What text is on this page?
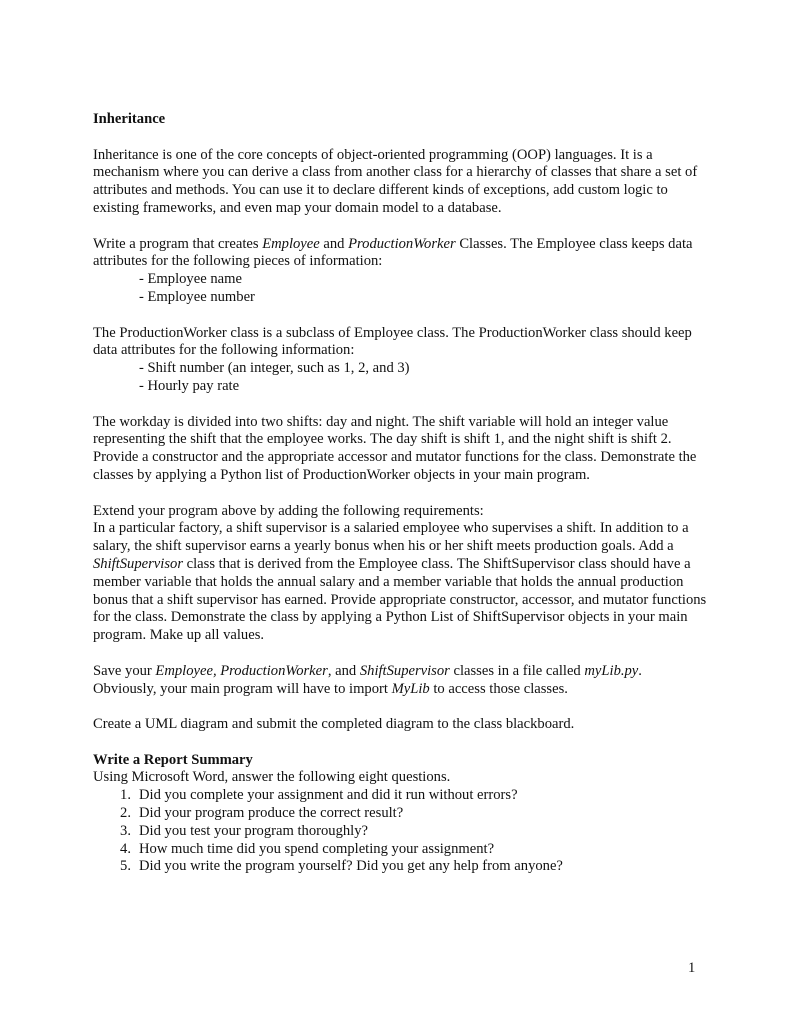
Inheritance

Inheritance is one of the core concepts of object-oriented programming (OOP) languages. It is a mechanism where you can derive a class from another class for a hierarchy of classes that share a set of attributes and methods. You can use it to declare different kinds of exceptions, add custom logic to existing frameworks, and even map your domain model to a database.

Write a program that creates Employee and ProductionWorker Classes. The Employee class keeps data attributes for the following pieces of information:

- Employee name

- Employee number

The ProductionWorker class is a subclass of Employee class. The ProductionWorker class should keep data attributes for the following information:

- Shift number (an integer, such as 1, 2, and 3)

- Hourly pay rate

The workday is divided into two shifts: day and night. The shift variable will hold an integer value representing the shift that the employee works. The day shift is shift 1, and the night shift is shift 2. Provide a constructor and the appropriate accessor and mutator functions for the class. Demonstrate the classes by applying a Python list of ProductionWorker objects in your main program.

Extend your program above by adding the following requirements:

In a particular factory, a shift supervisor is a salaried employee who supervises a shift. In addition to a salary, the shift supervisor earns a yearly bonus when his or her shift meets production goals. Add a ShiftSupervisor class that is derived from the Employee class. The ShiftSupervisor class should have a member variable that holds the annual salary and a member variable that holds the annual production bonus that a shift supervisor has earned. Provide appropriate constructor, accessor, and mutator functions for the class. Demonstrate the class by applying a Python List of ShiftSupervisor objects in your main program. Make up all values.

Save your Employee, ProductionWorker, and ShiftSupervisor classes in a file called myLib.py. Obviously, your main program will have to import MyLib to access those classes.

Create a UML diagram and submit the completed diagram to the class blackboard.

Write a Report Summary

Using Microsoft Word, answer the following eight questions.

1. Did you complete your assignment and did it run without errors?
2. Did your program produce the correct result?
3. Did you test your program thoroughly?
4. How much time did you spend completing your assignment?
5. Did you write the program yourself? Did you get any help from anyone?
1
